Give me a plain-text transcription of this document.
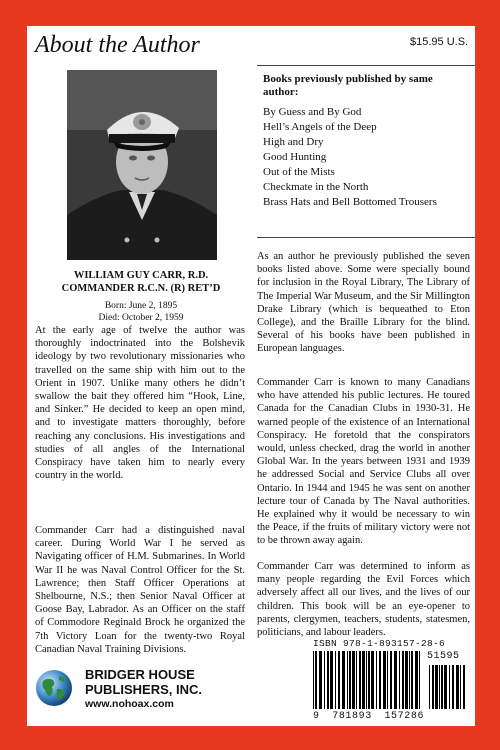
About the Author	$15.95 U.S.
WILLIAM GUY CARR, R.D.
COMMANDER R.C.N. (R) RET’D
Born: June 2, 1895
Died: October 2, 1959

At the early age of twelve the author was thoroughly indoctrinated into the Bolshevik ideology by two revolutionary missionaries who travelled on the same ship with him out to the Orient in 1907. Unlike many others he didn’t swallow the bait they offered him “Hook, Line, and Sinker.” He decided to keep an open mind, and to investigate matters thoroughly, before reaching any conclusions. His investigations and studies of all angles of the International Conspiracy have taken him to nearly every country in the world.

Commander Carr had a distinguished naval career. During World War I he served as Navigating officer of H.M. Submarines. In World War II he was Naval Control Officer for the St. Lawrence; then Staff Officer Operations at Shelbourne, N.S.; then Senior Naval Officer at Goose Bay, Labrador. As an Officer on the staff of Commodore Reginald Brock he organized the 7th Victory Loan for the twenty-two Royal Canadian Naval Training Divisions.

Books previously published by same author:
By Guess and By God
Hell’s Angels of the Deep
High and Dry
Good Hunting
Out of the Mists
Checkmate in the North
Brass Hats and Bell Bottomed Trousers

As an author he previously published the seven books listed above. Some were specially bound for inclusion in the Royal Library, The Library of The Imperial War Museum, and the Sir Millington Drake Library (which is bequeathed to Eton College), and the Braille Library for the blind. Several of his books have been published in European languages.

Commander Carr is known to many Canadians who have attended his public lectures. He toured Canada for the Canadian Clubs in 1930-31. He warned people of the existence of an International Conspiracy. He foretold that the conspirators would, unless checked, drag the world in another Global War. In the years between 1931 and 1939 he addressed Social and Service Clubs all over Ontario. In 1944 and 1945 he was sent on another lecture tour of Canada by The Naval authorities. He explained why it would be necessary to win the Peace, if the fruits of military victory were not to be thrown away again.

Commander Carr was determined to inform as many people regarding the Evil Forces which adversely affect all our lives, and the lives of our children. This book will be an eye-opener to parents, clergymen, teachers, students, statesmen, politicians, and labour leaders.

BRIDGER HOUSE
PUBLISHERS, INC.
www.nohoax.com
ISBN 978-1-893157-28-6
51595
9 781893 157286
